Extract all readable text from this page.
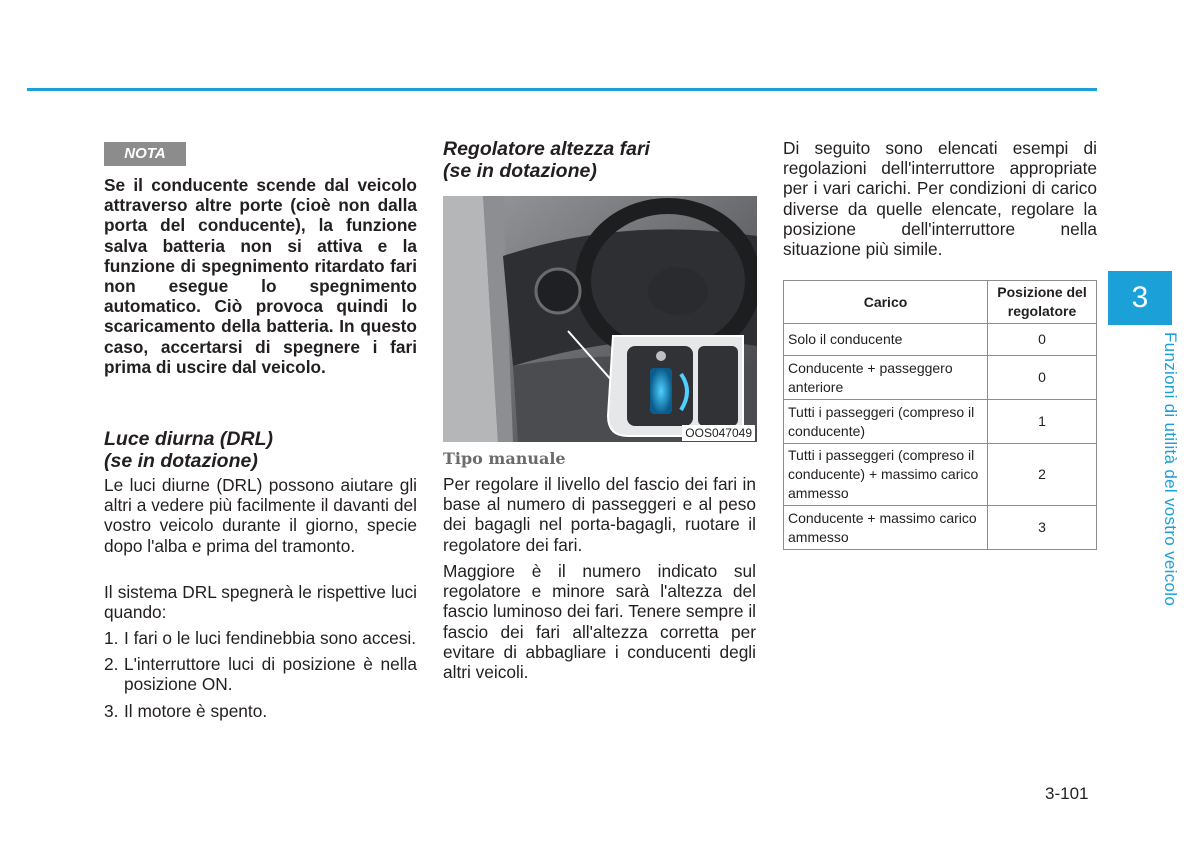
NOTA

Se il conducente scende dal veicolo attraverso altre porte (cioè non dalla porta del conducente), la funzione salva batteria non si attiva e la funzione di spegnimento ritardato fari non esegue lo spegnimento automatico. Ciò provoca quindi lo scaricamento della batteria. In questo caso, accertarsi di spegnere i fari prima di uscire dal veicolo.

Luce diurna (DRL)
(se in dotazione)

Le luci diurne (DRL) possono aiutare gli altri a vedere più facilmente il davanti del vostro veicolo durante il giorno, specie dopo l'alba e prima del tramonto.

Il sistema DRL spegnerà le rispettive luci quando:

1. I fari o le luci fendinebbia sono accesi.
2. L'interruttore luci di posizione è nella posizione ON.
3. Il motore è spento.
Regolatore altezza fari
(se in dotazione)
OOS047049

Tipo manuale

Per regolare il livello del fascio dei fari in base al numero di passeggeri e al peso dei bagagli nel porta-bagagli, ruotare il regolatore dei fari.

Maggiore è il numero indicato sul regolatore e minore sarà l'altezza del fascio luminoso dei fari. Tenere sempre il fascio dei fari all'altezza corretta per evitare di abbagliare i conducenti degli altri veicoli.

Di seguito sono elencati esempi di regolazioni dell'interruttore appropriate per i vari carichi. Per condizioni di carico diverse da quelle elencate, regolare la posizione dell'interruttore nella situazione più simile.

Carico	Posizione del regolatore
Solo il conducente	0
Conducente + passeggero anteriore	0
Tutti i passeggeri (compreso il conducente)	1
Tutti i passeggeri (compreso il conducente) + massimo carico ammesso	2
Conducente + massimo carico ammesso	3
3
Funzioni di utilità del vostro veicolo

3-101
